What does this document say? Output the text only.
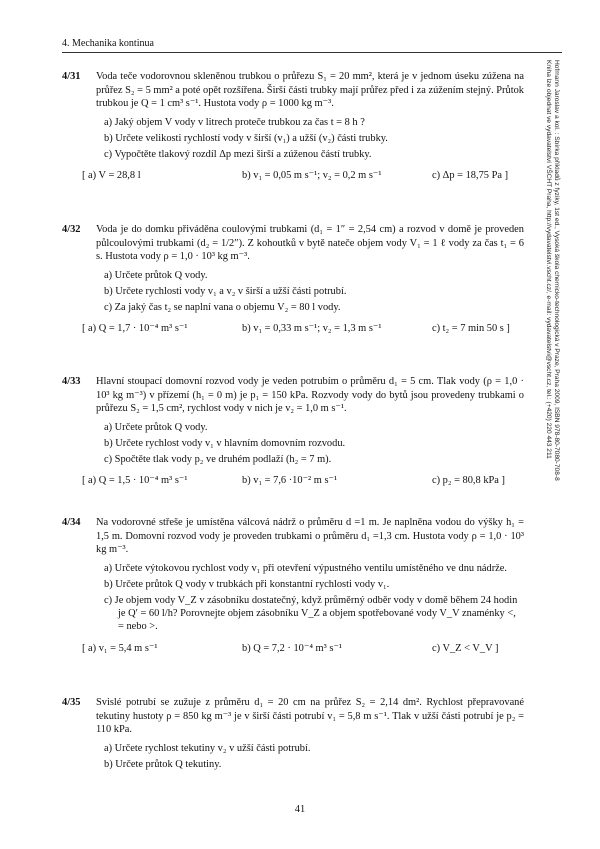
4. Mechanika kontinua
Hofmann Jaroslav a kol. : Sbírka příkladů z fyziky, 1st ed., Vysoká škola chemicko-technologická v Praze, Praha 2009, ISBN 978-80-7080-708-8
Kniha lze objednat ve vydavatelství VŠCHT Praha, http://vydavatelstvi.vscht.cz/, e-mail: vydavatelstvi@vscht.cz, tel.: (+420) 220 443 211
4/31	Voda teče vodorovnou skleněnou trubkou o průřezu S₁ = 20 mm², která je v jednom úseku zúžena na průřez S₂ = 5 mm² a poté opět rozšířena. Širší části trubky mají průřez před i za zúžením stejný. Průtok trubkou je Q = 1 cm³ s⁻¹. Hustota vody ρ = 1000 kg m⁻³.
a) Jaký objem V vody v litrech proteče trubkou za čas t = 8 h ?
b) Určete velikosti rychlostí vody v širší (v₁) a užší (v₂) části trubky.
c) Vypočtěte tlakový rozdíl Δp mezi širší a zúženou částí trubky.
[ a) V = 28,8 l	b) v₁ = 0,05 m s⁻¹; v₂ = 0,2 m s⁻¹	c) Δp = 18,75 Pa ]
4/32	Voda je do domku přiváděna coulovými trubkami (d₁ = 1″ = 2,54 cm) a rozvod v domě je proveden půlcoulovými trubkami (d₂ = 1/2″). Z kohoutků v bytě nateče objem vody V₁ = 1 ℓ vody za čas t₁ = 6 s. Hustota vody ρ = 1,0 · 10³ kg m⁻³.
a) Určete průtok Q vody.
b) Určete rychlosti vody v₁ a v₂ v širší a užší části potrubí.
c) Za jaký čas t₂ se naplní vana o objemu V₂ = 80 l vody.
[ a) Q = 1,7 · 10⁻⁴ m³ s⁻¹	b) v₁ = 0,33 m s⁻¹; v₂ = 1,3 m s⁻¹	c) t₂ = 7 min 50 s ]
4/33	Hlavní stoupací domovní rozvod vody je veden potrubím o průměru d₁ = 5 cm. Tlak vody (ρ = 1,0 · 10³ kg m⁻³) v přízemí (h₁ = 0 m) je p₁ = 150 kPa. Rozvody vody do bytů jsou provedeny trubkami o průřezu S₂ = 1,5 cm², rychlost vody v nich je v₂ = 1,0 m s⁻¹.
a) Určete průtok Q vody.
b) Určete rychlost vody v₁ v hlavním domovním rozvodu.
c) Spočtěte tlak vody p₂ ve druhém podlaží (h₂ = 7 m).
[ a) Q = 1,5 · 10⁻⁴ m³ s⁻¹	b) v₁ = 7,6 ·10⁻² m s⁻¹	c) p₂ = 80,8 kPa ]
4/34	Na vodorovné střeše je umístěna válcová nádrž o průměru d =1 m. Je naplněna vodou do výšky h₁ = 1,5 m. Domovní rozvod vody je proveden trubkami o průměru d₁ =1,3 cm. Hustota vody ρ = 1,0 · 10³ kg m⁻³.
a) Určete výtokovou rychlost vody v₁ při otevření výpustného ventilu umístěného ve dnu nádrže.
b) Určete průtok Q vody v trubkách při konstantní rychlosti vody v₁.
c) Je objem vody V_Z v zásobníku dostatečný, když průměrný odběr vody v domě během 24 hodin je Q′ = 60 l/h? Porovnejte objem zásobníku V_Z a objem spotřebované vody V_V znaménky <, = nebo >.
[ a) v₁ = 5,4 m s⁻¹	b) Q = 7,2 · 10⁻⁴ m³ s⁻¹	c) V_Z < V_V ]
4/35	Svislé potrubí se zužuje z průměru d₁ = 20 cm na průřez S₂ = 2,14 dm². Rychlost přepravované tekutiny hustoty ρ = 850 kg m⁻³ je v širší části potrubí v₁ = 5,8 m s⁻¹. Tlak v užší části potrubí je p₂ = 110 kPa.
a) Určete rychlost tekutiny v₂ v užší části potrubí.
b) Určete průtok Q tekutiny.
41
